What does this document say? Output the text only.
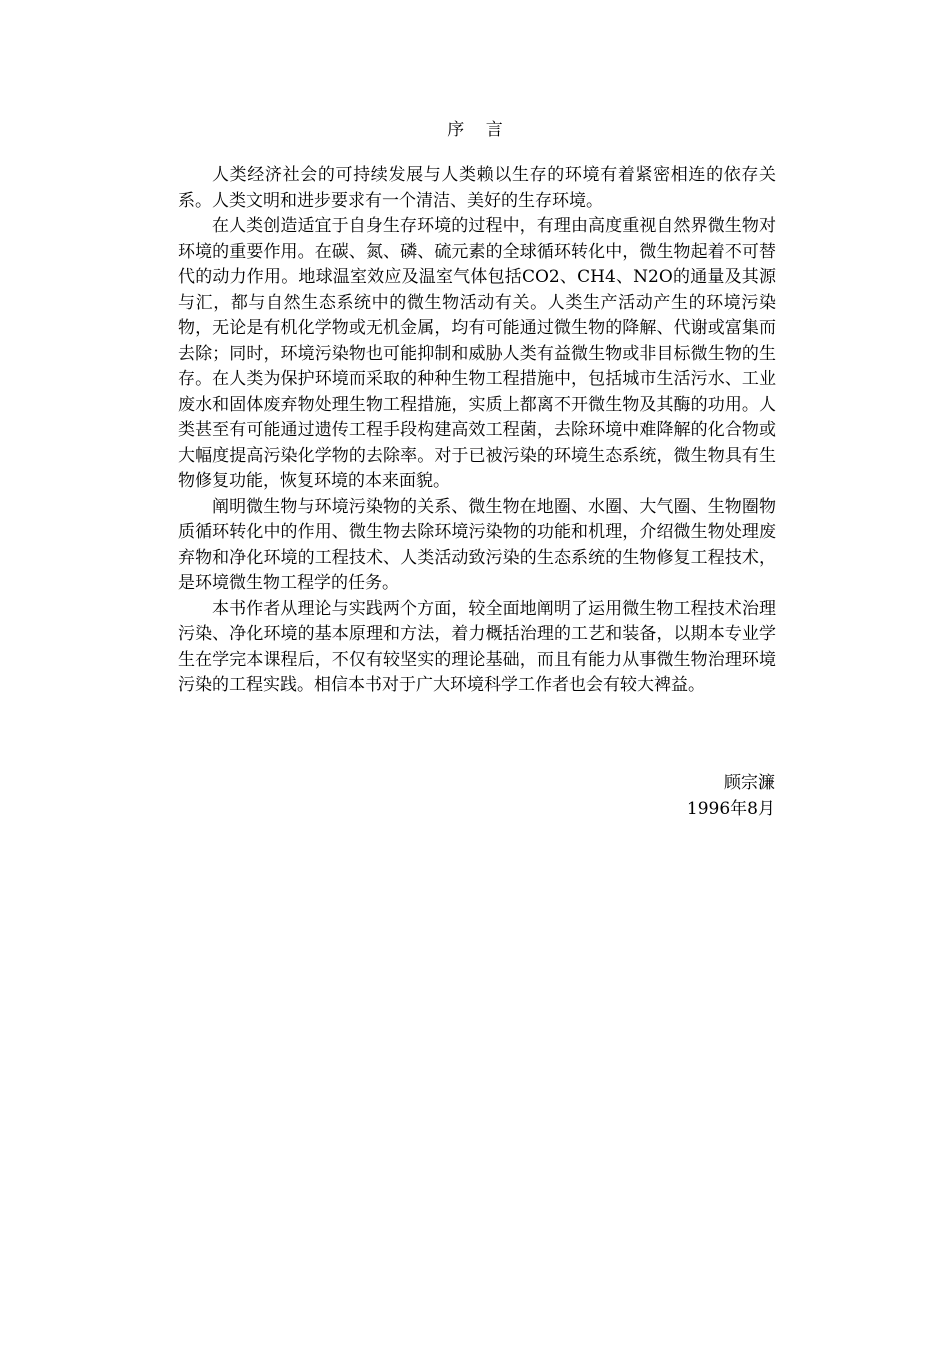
序    言

人类经济社会的可持续发展与人类赖以生存的环境有着紧密相连的依存关系。人类文明和进步要求有一个清洁、美好的生存环境。

在人类创造适宜于自身生存环境的过程中，有理由高度重视自然界微生物对环境的重要作用。在碳、氮、磷、硫元素的全球循环转化中，微生物起着不可替代的动力作用。地球温室效应及温室气体包括CO2、CH4、N2O的通量及其源与汇，都与自然生态系统中的微生物活动有关。人类生产活动产生的环境污染物，无论是有机化学物或无机金属，均有可能通过微生物的降解、代谢或富集而去除；同时，环境污染物也可能抑制和威胁人类有益微生物或非目标微生物的生存。在人类为保护环境而采取的种种生物工程措施中，包括城市生活污水、工业废水和固体废弃物处理生物工程措施，实质上都离不开微生物及其酶的功用。人类甚至有可能通过遗传工程手段构建高效工程菌，去除环境中难降解的化合物或大幅度提高污染化学物的去除率。对于已被污染的环境生态系统，微生物具有生物修复功能，恢复环境的本来面貌。

阐明微生物与环境污染物的关系、微生物在地圈、水圈、大气圈、生物圈物质循环转化中的作用、微生物去除环境污染物的功能和机理，介绍微生物处理废弃物和净化环境的工程技术、人类活动致污染的生态系统的生物修复工程技术，是环境微生物工程学的任务。

本书作者从理论与实践两个方面，较全面地阐明了运用微生物工程技术治理污染、净化环境的基本原理和方法，着力概括治理的工艺和装备，以期本专业学生在学完本课程后，不仅有较坚实的理论基础，而且有能力从事微生物治理环境污染的工程实践。相信本书对于广大环境科学工作者也会有较大裨益。

顾宗濂
1996年8月
